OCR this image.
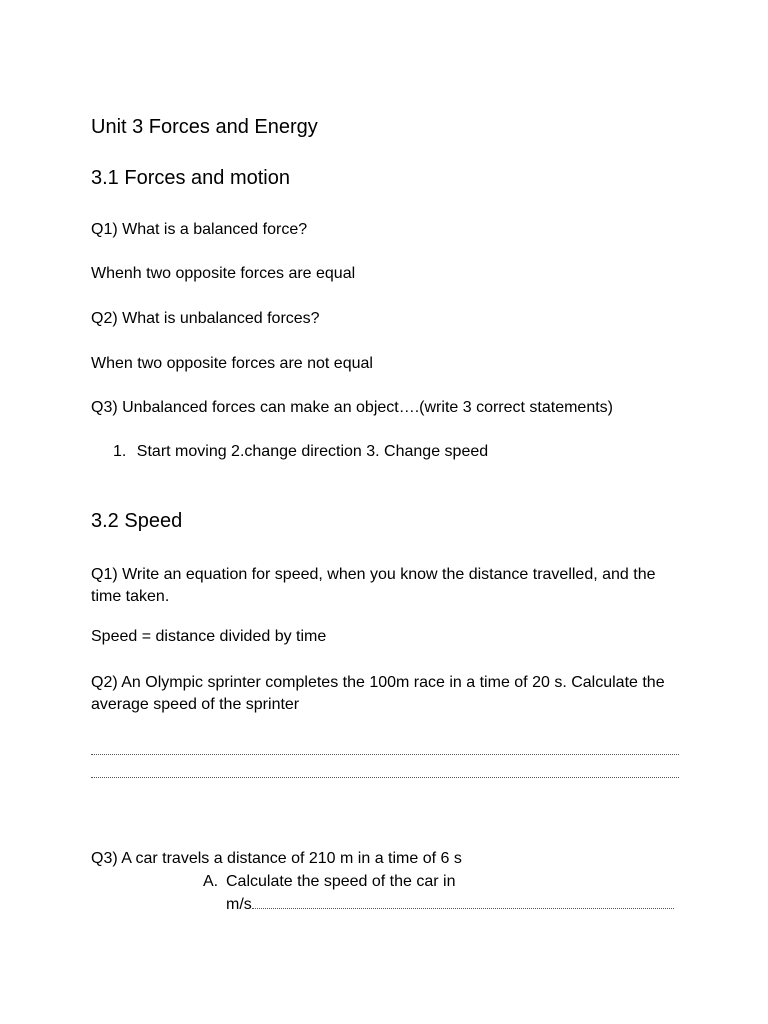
Unit 3 Forces and Energy
3.1 Forces and motion

Q1) What is a balanced force?

Whenh two opposite forces are equal

Q2) What is unbalanced forces?

When two opposite forces are not equal

Q3) Unbalanced forces can make an object….(write 3 correct statements)

1. Start moving 2.change direction 3. Change speed
3.2 Speed

Q1) Write an equation for speed, when you know the distance travelled, and the time taken.

Speed = distance divided by time

Q2) An Olympic sprinter completes the 100m race in a time of 20 s. Calculate the average speed of the sprinter

Q3) A car travels a distance of 210 m in a time of 6 s

A. Calculate the speed of the car in
m/s
